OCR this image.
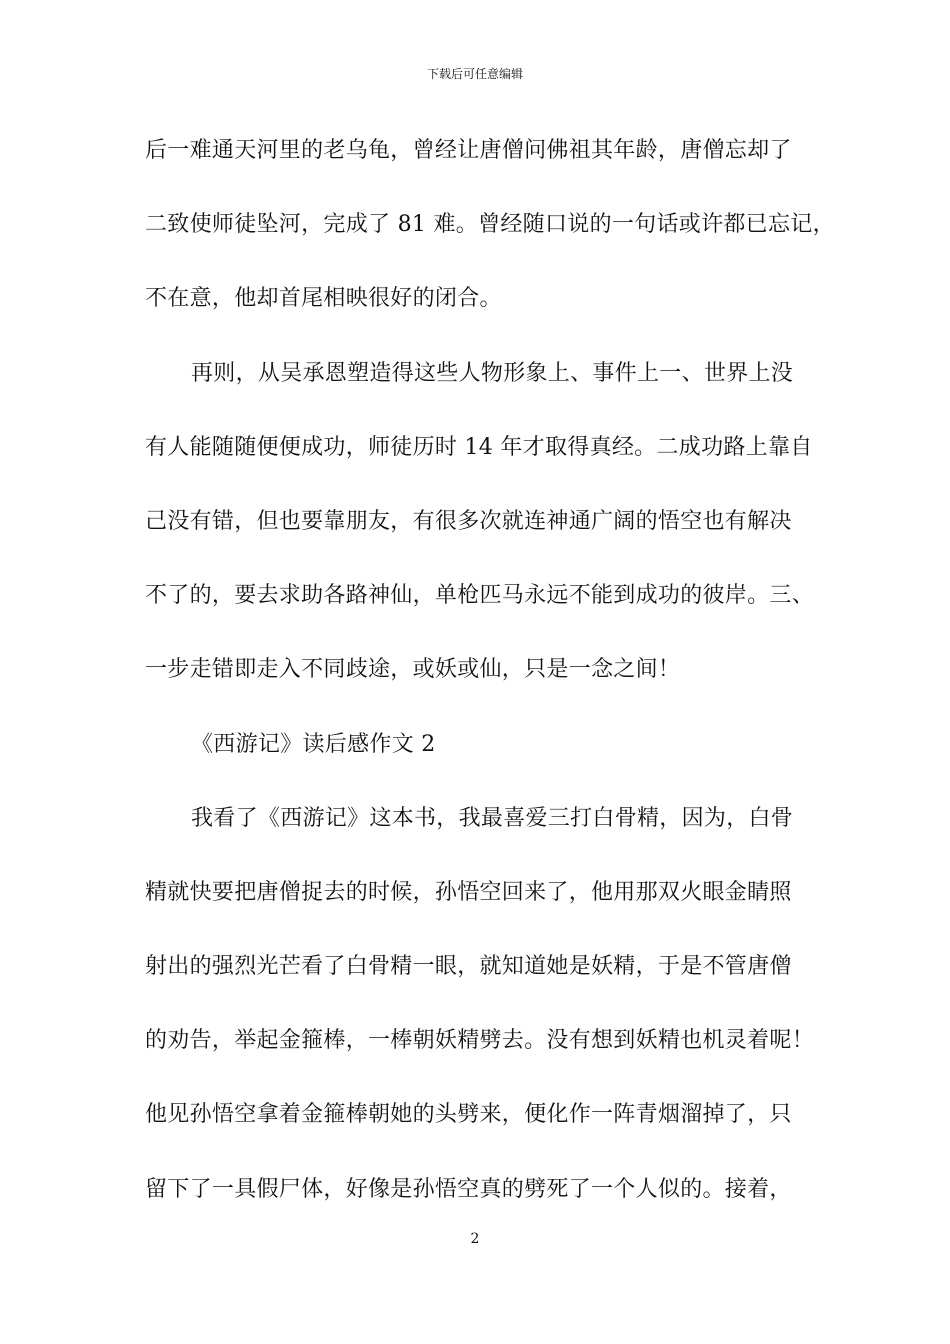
下载后可任意编辑
后一难通天河里的老乌龟，曾经让唐僧问佛祖其年龄，唐僧忘却了
二致使师徒坠河，完成了 81 难。曾经随口说的一句话或许都已忘记，
不在意，他却首尾相映很好的闭合。
再则，从吴承恩塑造得这些人物形象上、事件上一、世界上没
有人能随随便便成功，师徒历时 14 年才取得真经。二成功路上靠自
己没有错，但也要靠朋友，有很多次就连神通广阔的悟空也有解决
不了的，要去求助各路神仙，单枪匹马永远不能到成功的彼岸。三、
一步走错即走入不同歧途，或妖或仙，只是一念之间！
《西游记》读后感作文 2
我看了《西游记》这本书，我最喜爱三打白骨精，因为，白骨
精就快要把唐僧捉去的时候，孙悟空回来了，他用那双火眼金睛照
射出的强烈光芒看了白骨精一眼，就知道她是妖精，于是不管唐僧
的劝告，举起金箍棒，一棒朝妖精劈去。没有想到妖精也机灵着呢！
他见孙悟空拿着金箍棒朝她的头劈来，便化作一阵青烟溜掉了，只
留下了一具假尸体，好像是孙悟空真的劈死了一个人似的。接着，
2
